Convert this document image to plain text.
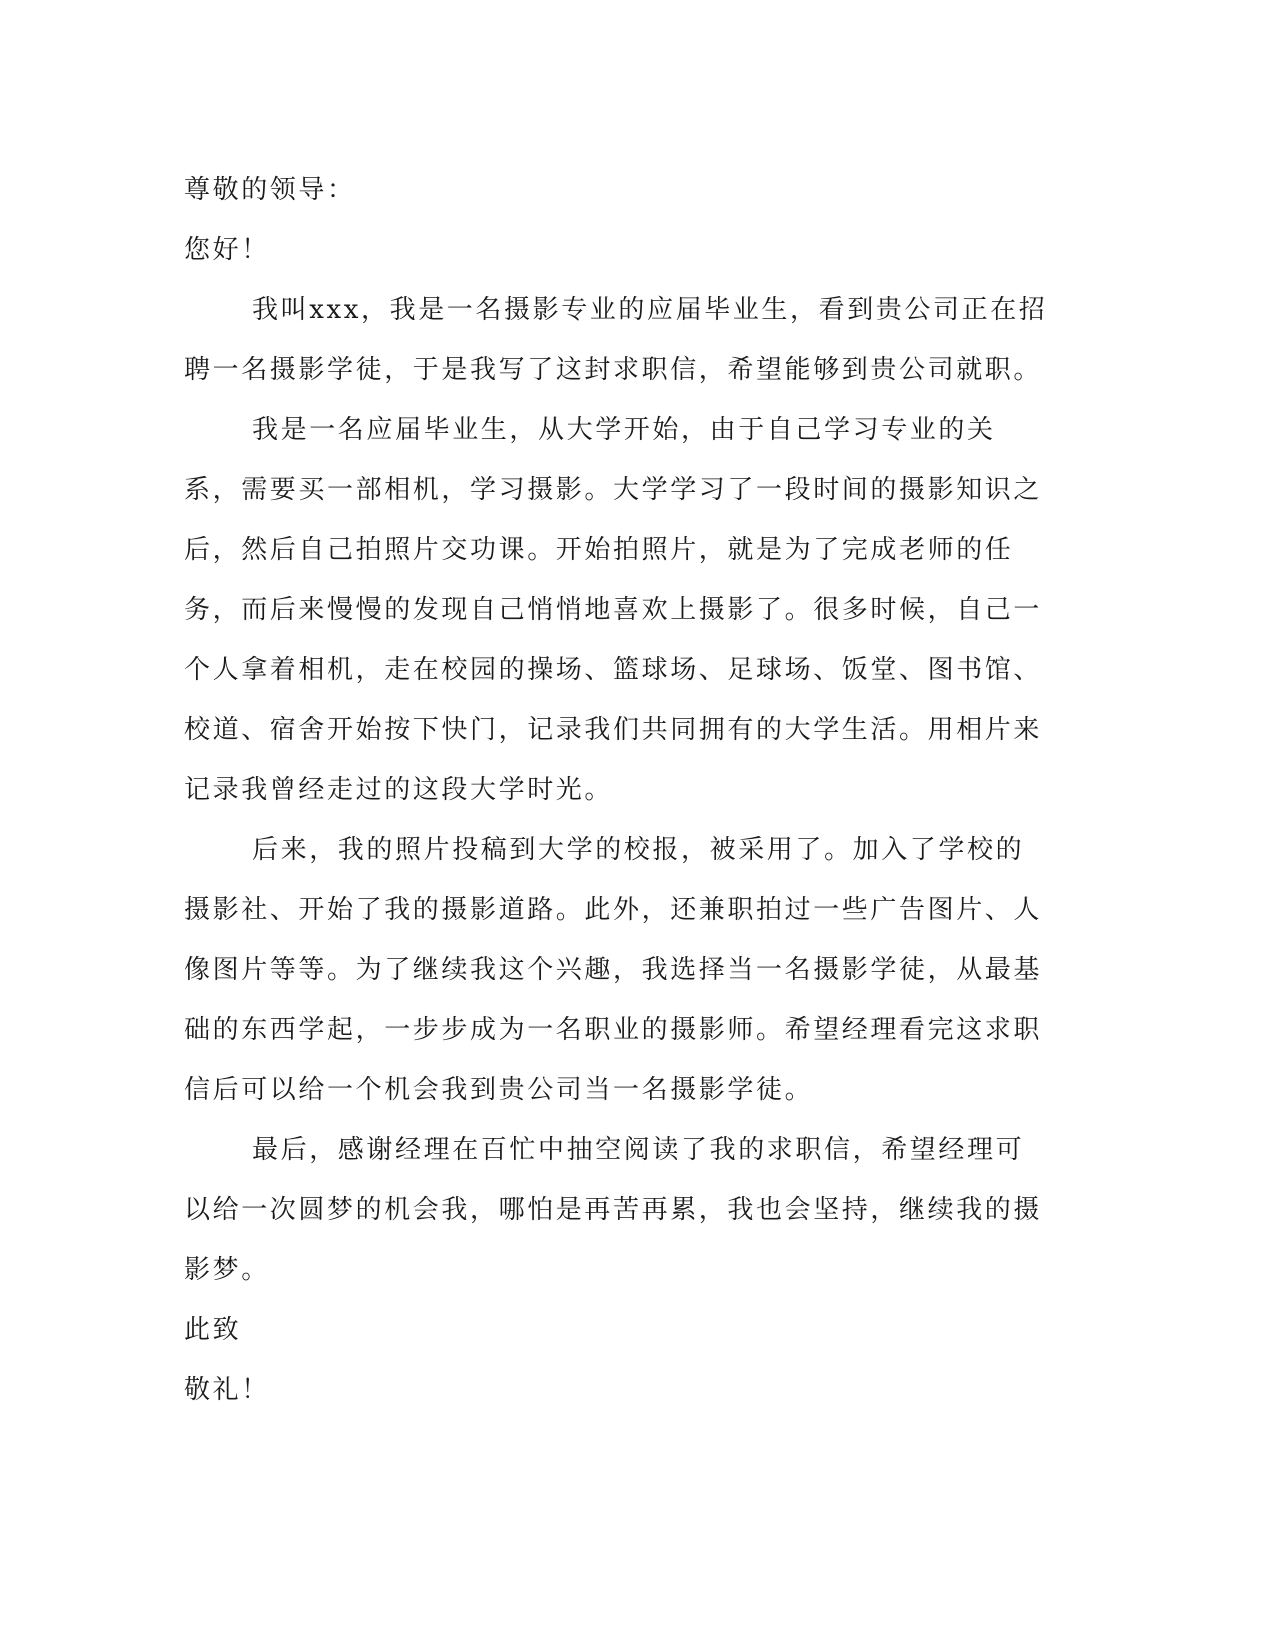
尊敬的领导：

您好！

我叫xxx，我是一名摄影专业的应届毕业生，看到贵公司正在招聘一名摄影学徒，于是我写了这封求职信，希望能够到贵公司就职。

我是一名应届毕业生，从大学开始，由于自己学习专业的关系，需要买一部相机，学习摄影。大学学习了一段时间的摄影知识之后，然后自己拍照片交功课。开始拍照片，就是为了完成老师的任务，而后来慢慢的发现自己悄悄地喜欢上摄影了。很多时候，自己一个人拿着相机，走在校园的操场、篮球场、足球场、饭堂、图书馆、校道、宿舍开始按下快门，记录我们共同拥有的大学生活。用相片来记录我曾经走过的这段大学时光。

后来，我的照片投稿到大学的校报，被采用了。加入了学校的摄影社、开始了我的摄影道路。此外，还兼职拍过一些广告图片、人像图片等等。为了继续我这个兴趣，我选择当一名摄影学徒，从最基础的东西学起，一步步成为一名职业的摄影师。希望经理看完这求职信后可以给一个机会我到贵公司当一名摄影学徒。

最后，感谢经理在百忙中抽空阅读了我的求职信，希望经理可以给一次圆梦的机会我，哪怕是再苦再累，我也会坚持，继续我的摄影梦。

此致

敬礼！
